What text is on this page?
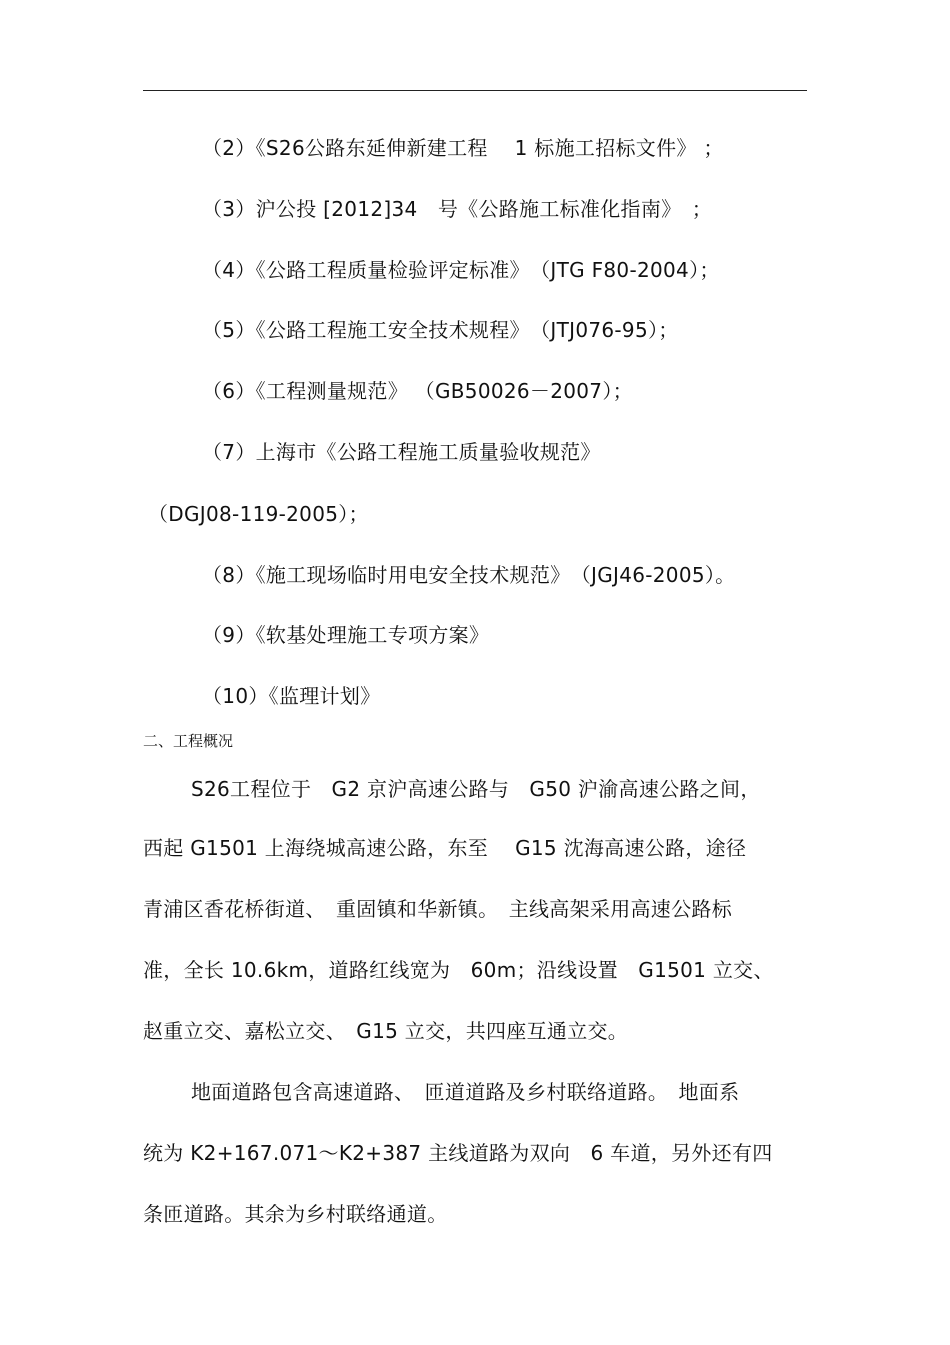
（2）《S26公路东延伸新建工程　 1 标施工招标文件》 ；
（3）沪公投 [2012]34　号《公路施工标准化指南》　；
（4）《公路工程质量检验评定标准》　（JTG F80-2004）；
（5）《公路工程施工安全技术规程》　（JTJ076-95）；
（6）《工程测量规范》 （GB50026－2007）；
（7）上海市《公路工程施工质量验收规范》
（DGJ08-119-2005）；
（8）《施工现场临时用电安全技术规范》　（JGJ46-2005）。
（9）《软基处理施工专项方案》
（10）《监理计划》
二、工程概况
S26工程位于　G2 京沪高速公路与　G50 沪渝高速公路之间，
西起 G1501 上海绕城高速公路，东至　 G15 沈海高速公路，途径
青浦区香花桥街道、　重固镇和华新镇。　主线高架采用高速公路标
准，全长 10.6km，道路红线宽为　60m；沿线设置　G1501 立交、
赵重立交、嘉松立交、　G15 立交，共四座互通立交。
地面道路包含高速道路、　匝道道路及乡村联络道路。　地面系
统为 K2+167.071～K2+387 主线道路为双向　6 车道，另外还有四
条匝道路。其余为乡村联络通道。
